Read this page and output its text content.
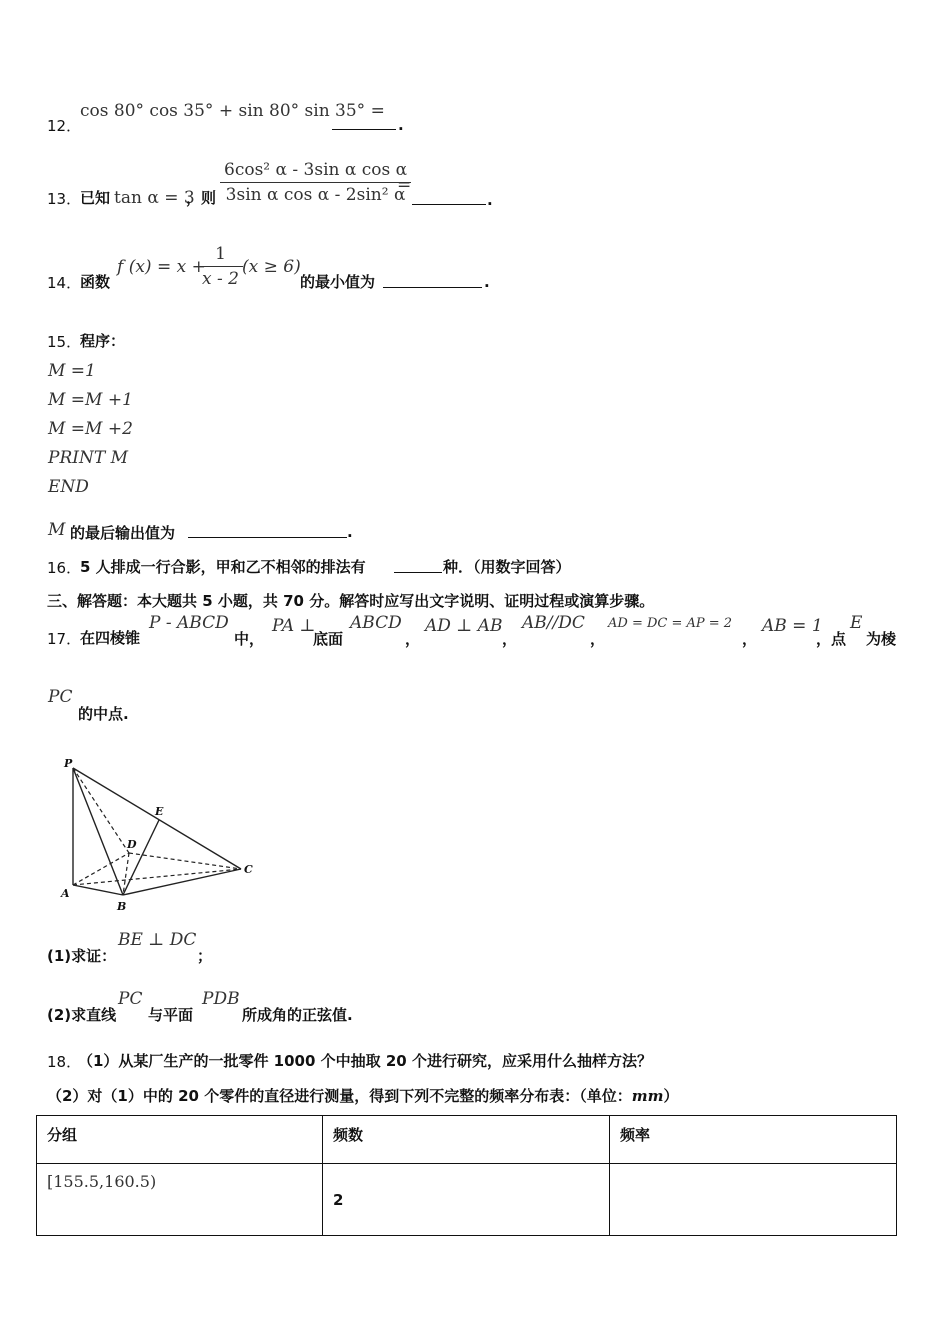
12．
cos 80° cos 35° + sin 80° sin 35° =
.
13．
已知 tan α = 3
，则 $\frac{\text{6cos² α - 3sin α cos α}}{\text{3sin α cos α - 2sin² α}}$
=
.
14．
函数
f (x) = x +
$\frac{1}{x - 2} (x \ge 6)$
的最小值为	.
15．
程序：
M =1
M =M +1
M =M +2
PRINT M
END
M 的最后输出值为	.
16．
5 人排成一行合影，甲和乙不相邻的排法有	种．（用数字回答）
三、解答题：本大题共 5 小题，共 70 分。解答时应写出文字说明、证明过程或演算步骤。
17．
在四棱锥
P - ABCD
中，
PA ⊥
底面
ABCD
，
AD ⊥ AB
，
AB//DC
，
AD = DC = AP = 2
，
AB = 1
，点
E
为棱
PC
的中点.
P
E
D
C
A
B
(1)求证：
BE ⊥ DC
；
(2)求直线
PC
与平面
PDB
所成角的正弦值.
18．
（1）从某厂生产的一批零件 1000 个中抽取 20 个进行研究，应采用什么抽样方法？
（2）对（1）中的 20 个零件的直径进行测量，得到下列不完整的频率分布表：（单位：mm）
分组	频数	频率
[155.5,160.5)	2	
